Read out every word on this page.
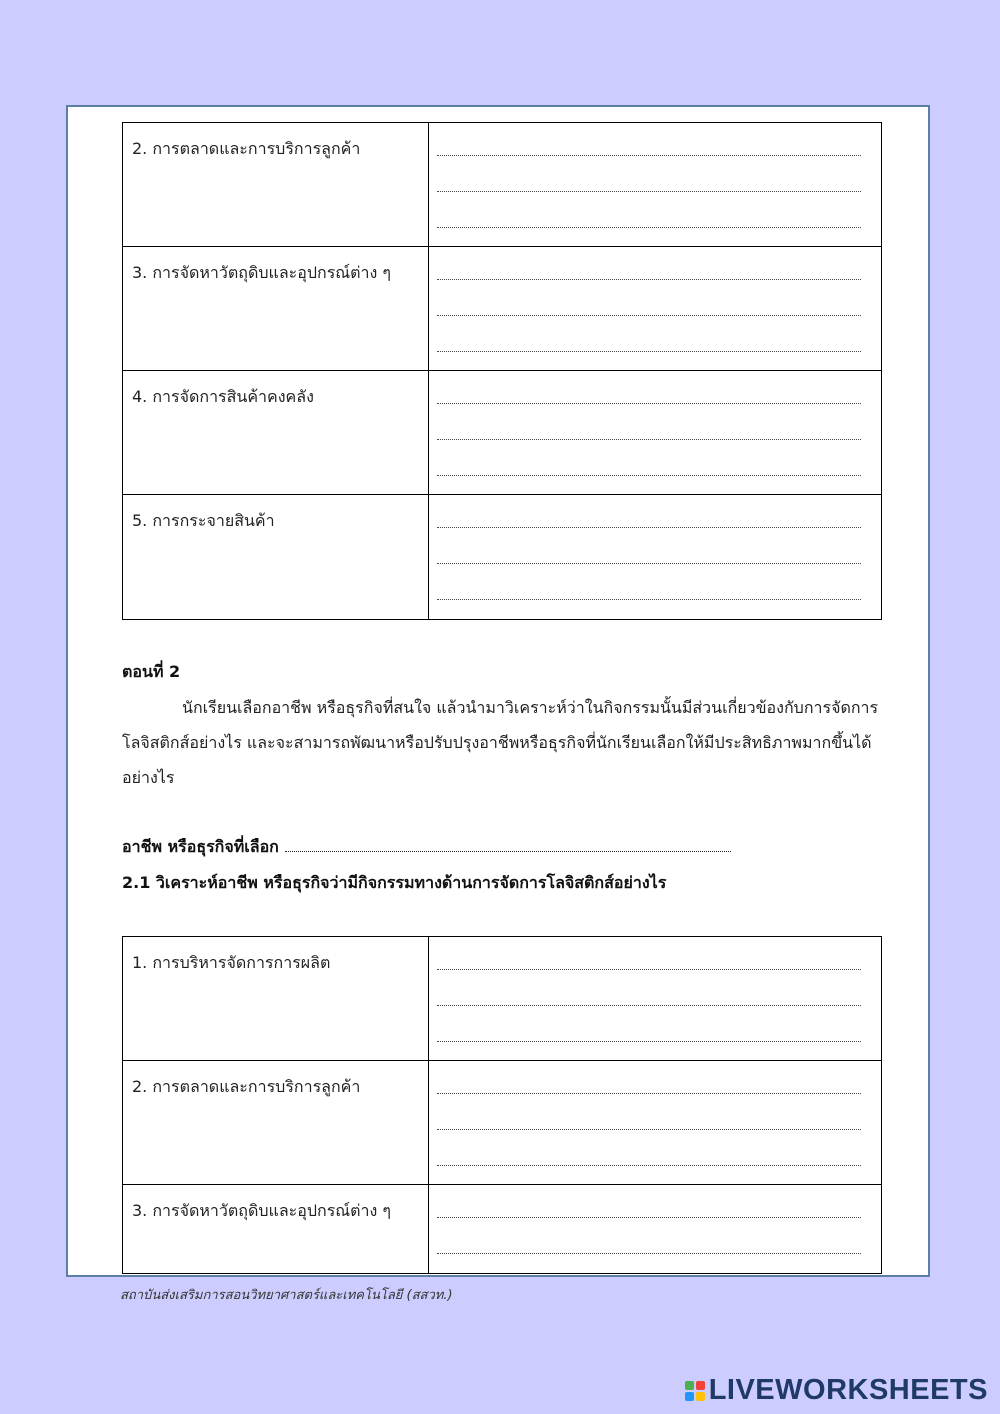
2. การตลาดและการบริการลูกค้า
3. การจัดหาวัตถุดิบและอุปกรณ์ต่าง ๆ
4. การจัดการสินค้าคงคลัง
5. การกระจายสินค้า
ตอนที่ 2
นักเรียนเลือกอาชีพ หรือธุรกิจที่สนใจ แล้วนำมาวิเคราะห์ว่าในกิจกรรมนั้นมีส่วนเกี่ยวข้องกับการจัดการโลจิสติกส์อย่างไร และจะสามารถพัฒนาหรือปรับปรุงอาชีพหรือธุรกิจที่นักเรียนเลือกให้มีประสิทธิภาพมากขึ้นได้อย่างไร
อาชีพ หรือธุรกิจที่เลือก
2.1 วิเคราะห์อาชีพ หรือธุรกิจว่ามีกิจกรรมทางด้านการจัดการโลจิสติกส์อย่างไร
1. การบริหารจัดการการผลิต
2. การตลาดและการบริการลูกค้า
3. การจัดหาวัตถุดิบและอุปกรณ์ต่าง ๆ
สถาบันส่งเสริมการสอนวิทยาศาสตร์และเทคโนโลยี (สสวท.)
LIVEWORKSHEETS
